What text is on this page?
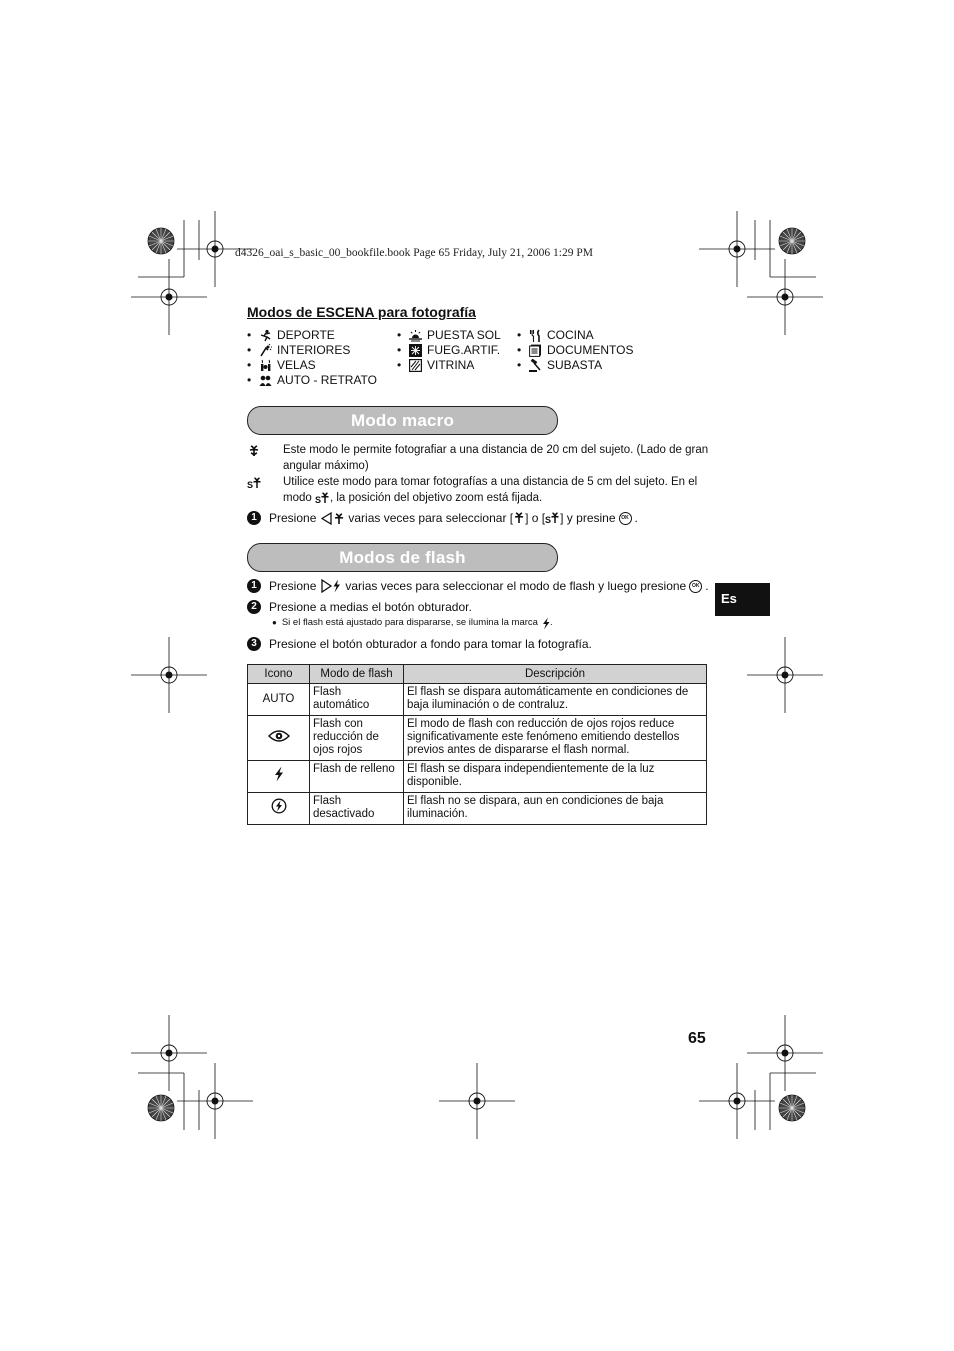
d4326_oai_s_basic_00_bookfile.book Page 65 Friday, July 21, 2006 1:29 PM
Modos de ESCENA para fotografía
•	DEPORTE
•	INTERIORES
•	VELAS
•	AUTO - RETRATO
•	PUESTA SOL
•	FUEG.ARTIF.
•	VITRINA
•	COCINA
•	DOCUMENTOS
•	SUBASTA
Modo macro
Este modo le permite fotografiar a una distancia de 20 cm del sujeto. (Lado de gran
angular máximo)
S	Utilice este modo para tomar fotografías a una distancia de 5 cm del sujeto. En el
modo S , la posición del objetivo zoom está fijada.
1	Presione	varias veces para seleccionar [ ] o [ S ] y presine	OK .
Modos de flash
1	Presione varias veces para seleccionar el modo de flash y luego presione	OK .
2	Presione a medias el botón obturador.
● Si el flash está ajustado para dispararse, se ilumina la marca .
3	Presione el botón obturador a fondo para tomar la fotografía.
Icono	Modo de flash	Descripción
AUTO	Flash automático	El flash se dispara automáticamente en condiciones de baja iluminación o de contraluz.
	Flash con reducción de ojos rojos	El modo de flash con reducción de ojos rojos reduce significativamente este fenómeno emitiendo destellos previos antes de dispararse el flash normal.
	Flash de relleno	El flash se dispara independientemente de la luz disponible.
	Flash desactivado	El flash no se dispara, aun en condiciones de baja iluminación.
Es
65
